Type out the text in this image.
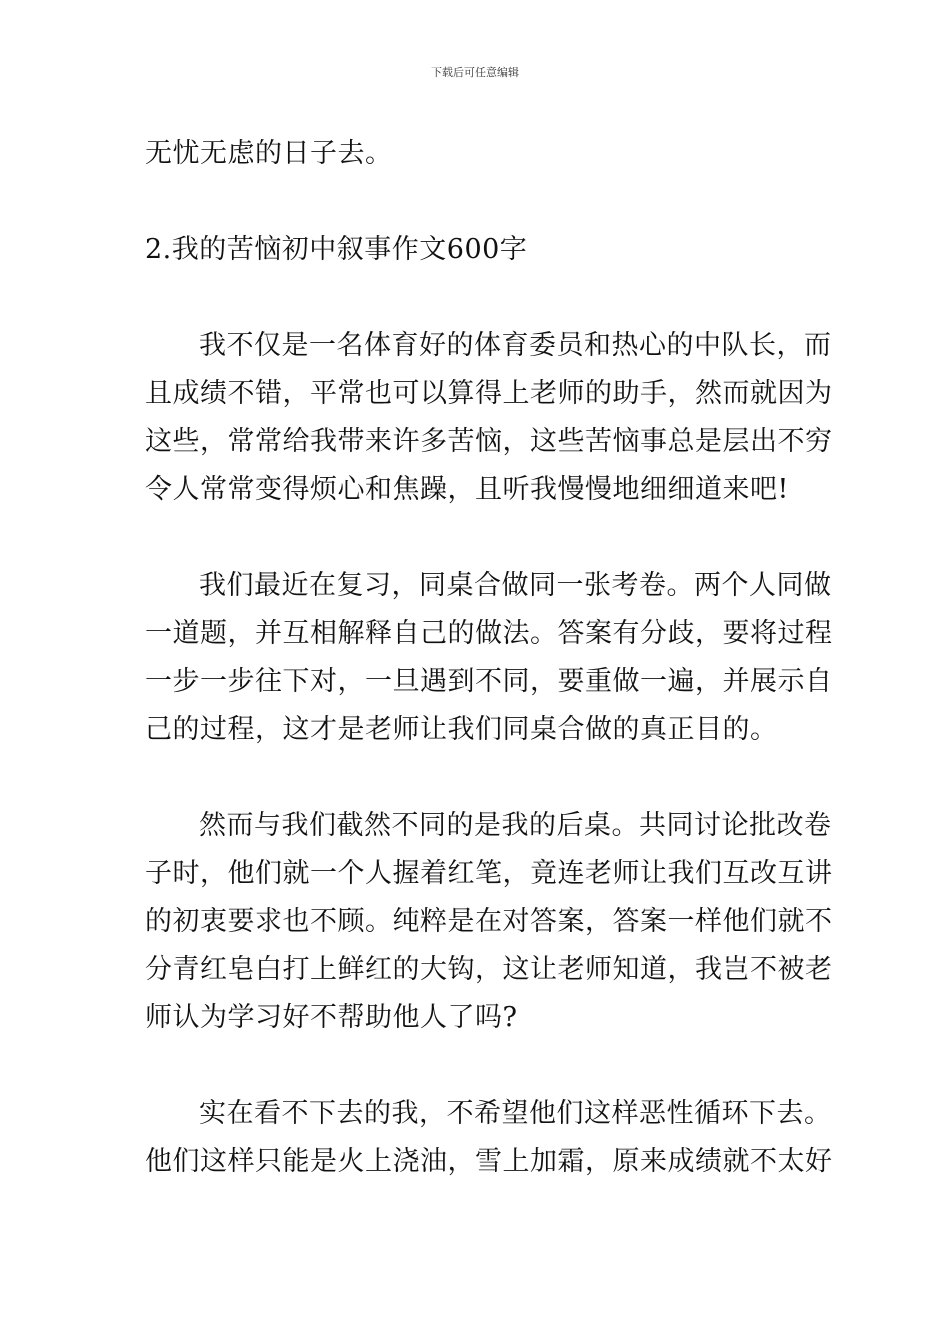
下载后可任意编辑
无忧无虑的日子去。
2.我的苦恼初中叙事作文600字
我不仅是一名体育好的体育委员和热心的中队长，而
且成绩不错，平常也可以算得上老师的助手，然而就因为
这些，常常给我带来许多苦恼，这些苦恼事总是层出不穷
令人常常变得烦心和焦躁，且听我慢慢地细细道来吧!
我们最近在复习，同桌合做同一张考卷。两个人同做
一道题，并互相解释自己的做法。答案有分歧，要将过程
一步一步往下对，一旦遇到不同，要重做一遍，并展示自
己的过程，这才是老师让我们同桌合做的真正目的。
然而与我们截然不同的是我的后桌。共同讨论批改卷
子时，他们就一个人握着红笔，竟连老师让我们互改互讲
的初衷要求也不顾。纯粹是在对答案，答案一样他们就不
分青红皂白打上鲜红的大钩，这让老师知道，我岂不被老
师认为学习好不帮助他人了吗?
实在看不下去的我，不希望他们这样恶性循环下去。
他们这样只能是火上浇油，雪上加霜，原来成绩就不太好
